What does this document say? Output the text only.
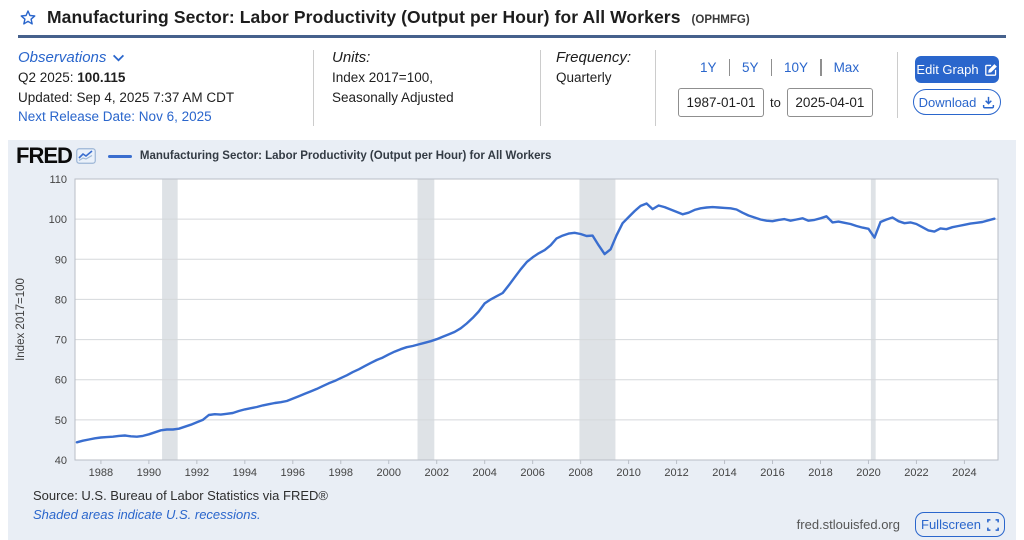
Manufacturing Sector: Labor Productivity (Output per Hour) for All Workers (OPHMFG)
Observations
Q2 2025: 100.115
Updated: Sep 4, 2025 7:37 AM CDT
Next Release Date: Nov 6, 2025
Units:
Index 2017=100,
Seasonally Adjusted
Frequency:
Quarterly
1Y	5Y	10Y	Max
1987-01-01
to
2025-04-01
Edit Graph
Download
FRED	Manufacturing Sector: Labor Productivity (Output per Hour) for All Workers
40
50
60
70
80
90
100
110
1988 1990 1992 1994 1996 1998 2000 2002 2004 2006 2008 2010 2012 2014 2016 2018 2020 2022 2024
Index 2017=100
Source: U.S. Bureau of Labor Statistics via FRED®
Shaded areas indicate U.S. recessions.
fred.stlouisfed.org Fullscreen
